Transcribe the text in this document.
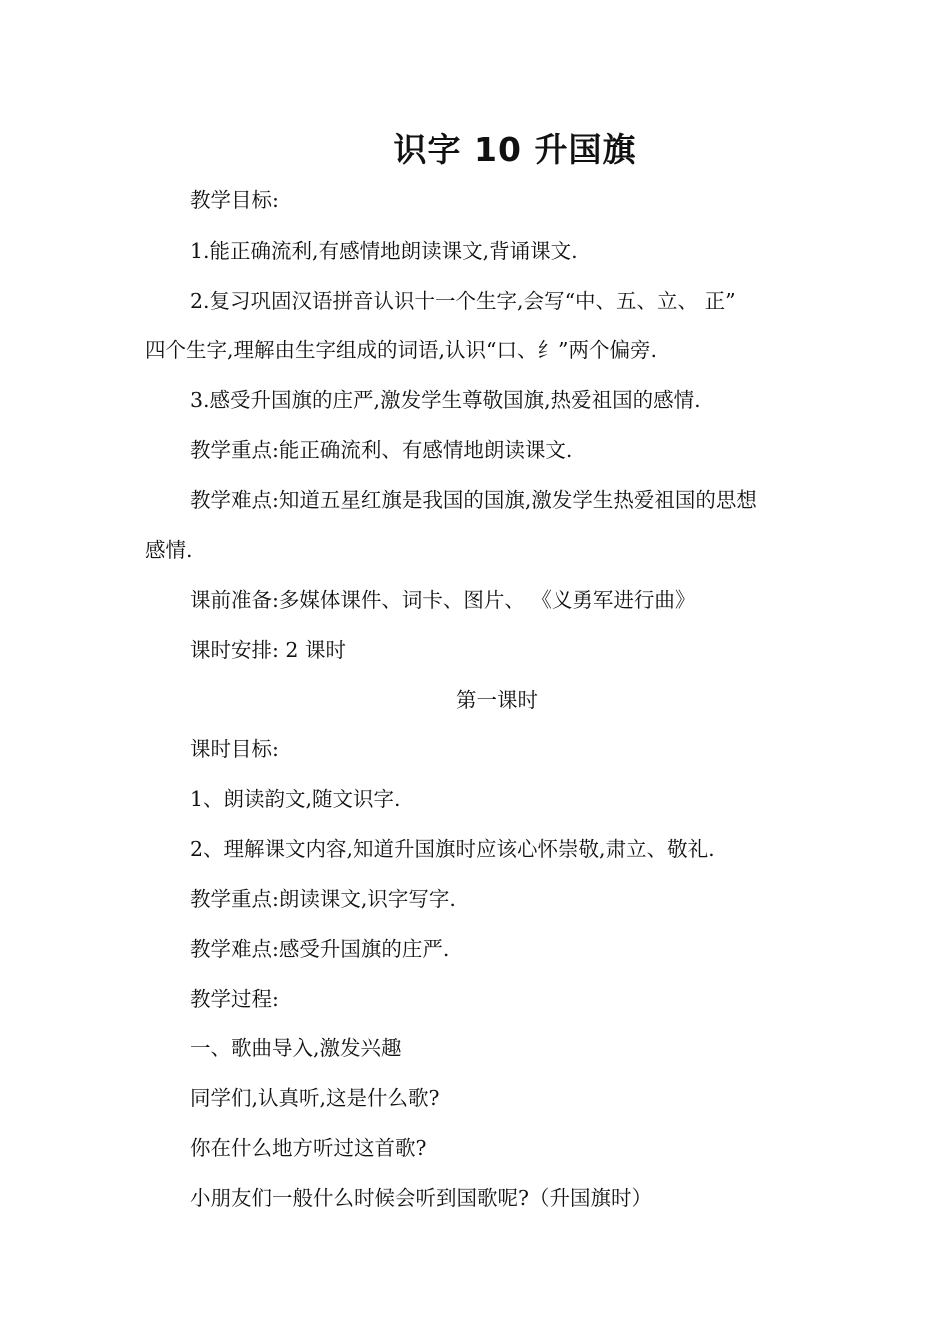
识字 10 升国旗
教学目标:
1.能正确流利,有感情地朗读课文,背诵课文.
2.复习巩固汉语拼音认识十一个生字,会写“中、五、立、 正”
四个生字,理解由生字组成的词语,认识“口、纟”两个偏旁.
3.感受升国旗的庄严,激发学生尊敬国旗,热爱祖国的感情.
教学重点:能正确流利、有感情地朗读课文.
教学难点:知道五星红旗是我国的国旗,激发学生热爱祖国的思想
感情.
课前准备:多媒体课件、词卡、图片、 《义勇军进行曲》
课时安排: 2 课时
第一课时
课时目标:
1、朗读韵文,随文识字.
2、理解课文内容,知道升国旗时应该心怀崇敬,肃立、敬礼.
教学重点:朗读课文,识字写字.
教学难点:感受升国旗的庄严.
教学过程:
一、歌曲导入,激发兴趣
同学们,认真听,这是什么歌?
你在什么地方听过这首歌?
小朋友们一般什么时候会听到国歌呢?（升国旗时）
